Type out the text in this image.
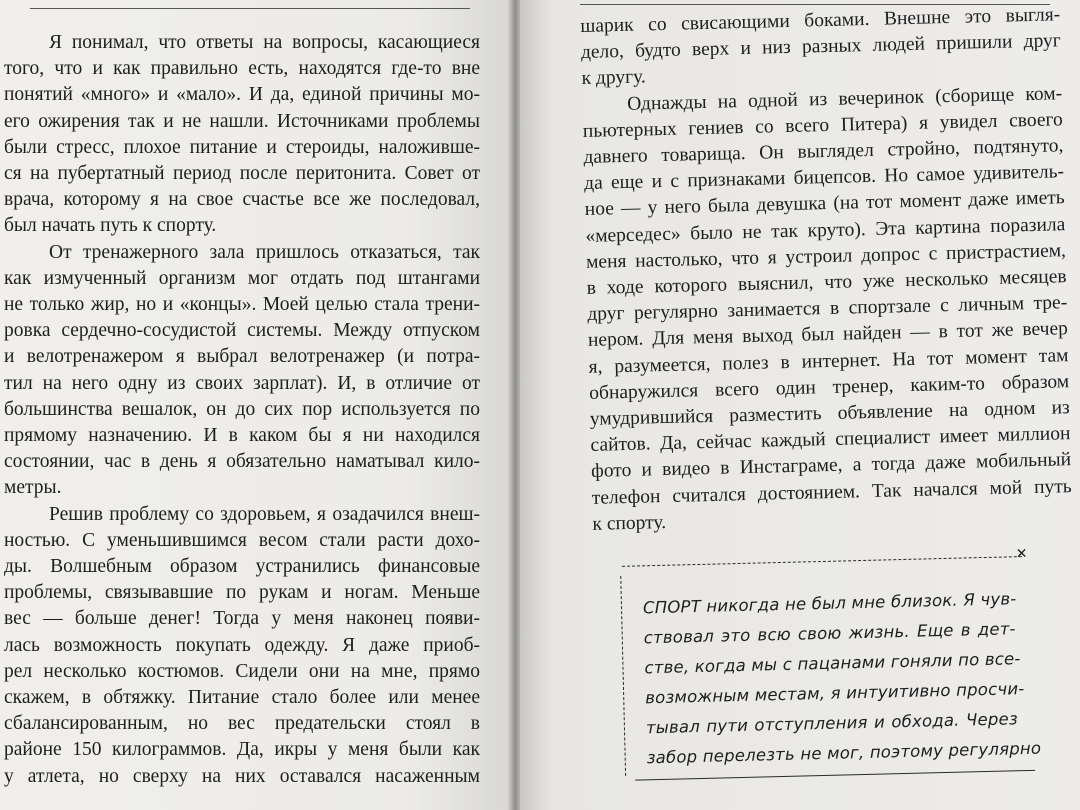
Я понимал, что ответы на вопросы, касающиеся
того, что и как правильно есть, находятся где-то вне
понятий «много» и «мало». И да, единой причины мо-
его ожирения так и не нашли. Источниками проблемы
были стресс, плохое питание и стероиды, наложивше-
ся на пубертатный период после перитонита. Совет от
врача, которому я на свое счастье все же последовал,
был начать путь к спорту.
От тренажерного зала пришлось отказаться, так
как измученный организм мог отдать под штангами
не только жир, но и «концы». Моей целью стала трени-
ровка сердечно-сосудистой системы. Между отпуском
и велотренажером я выбрал велотренажер (и потра-
тил на него одну из своих зарплат). И, в отличие от
большинства вешалок, он до сих пор используется по
прямому назначению. И в каком бы я ни находился
состоянии, час в день я обязательно наматывал кило-
метры.
Решив проблему со здоровьем, я озадачился внеш-
ностью. С уменьшившимся весом стали расти дохо-
ды. Волшебным образом устранились финансовые
проблемы, связывавшие по рукам и ногам. Меньше
вес — больше денег! Тогда у меня наконец появи-
лась возможность покупать одежду. Я даже приоб-
рел несколько костюмов. Сидели они на мне, прямо
скажем, в обтяжку. Питание стало более или менее
сбалансированным, но вес предательски стоял в
районе 150 килограммов. Да, икры у меня были как
у атлета, но сверху на них оставался насаженным
шарик со свисающими боками. Внешне это выгля-
дело, будто верх и низ разных людей пришили друг
к другу.
Однажды на одной из вечеринок (сборище ком-
пьютерных гениев со всего Питера) я увидел своего
давнего товарища. Он выглядел стройно, подтянуто,
да еще и с признаками бицепсов. Но самое удивитель-
ное — у него была девушка (на тот момент даже иметь
«мерседес» было не так круто). Эта картина поразила
меня настолько, что я устроил допрос с пристрастием,
в ходе которого выяснил, что уже несколько месяцев
друг регулярно занимается в спортзале с личным тре-
нером. Для меня выход был найден — в тот же вечер
я, разумеется, полез в интернет. На тот момент там
обнаружился всего один тренер, каким-то образом
умудрившийся разместить объявление на одном из
сайтов. Да, сейчас каждый специалист имеет миллион
фото и видео в Инстаграме, а тогда даже мобильный
телефон считался достоянием. Так начался мой путь
к спорту.
✕
СПОРТ никогда не был мне близок. Я чув-
ствовал это всю свою жизнь. Еще в дет-
стве, когда мы с пацанами гоняли по все-
возможным местам, я интуитивно просчи-
тывал пути отступления и обхода. Через
забор перелезть не мог, поэтому регулярно
